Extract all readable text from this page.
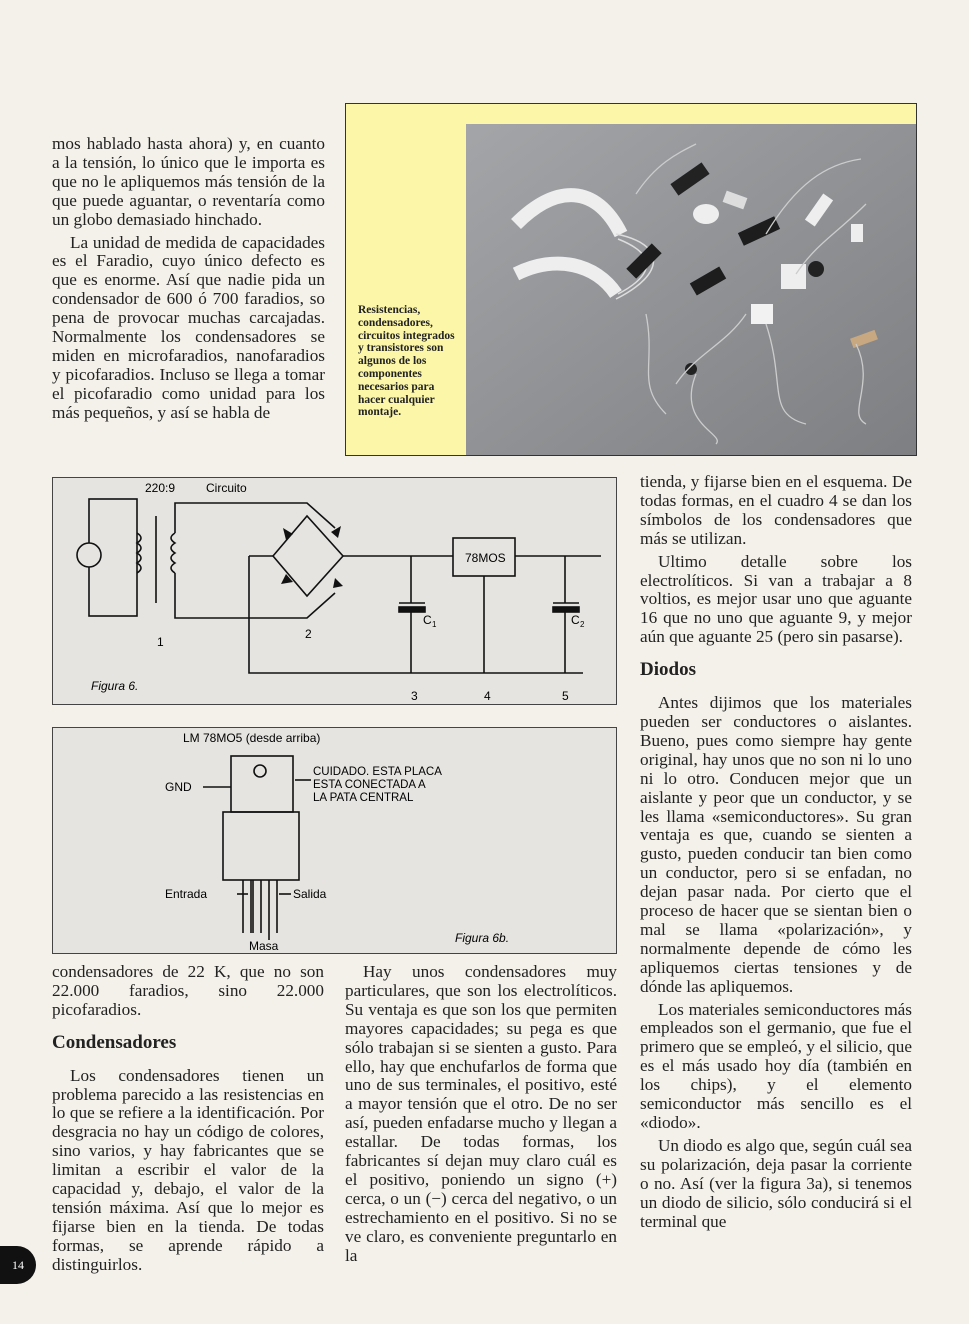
mos hablado hasta ahora) y, en cuanto a la tensión, lo único que le importa es que no le apliquemos más tensión de la que puede aguantar, o reventaría como un globo demasiado hinchado.

La unidad de medida de capacidades es el Faradio, cuyo único defecto es que es enorme. Así que nadie pida un condensador de 600 ó 700 faradios, so pena de provocar muchas carcajadas. Normalmente los condensadores se miden en microfaradios, nanofaradios y picofaradios. Incluso se llega a tomar el picofaradio como unidad para los más pequeños, y así se habla de

Resistencias, condensadores, circuitos integrados y transistores son algunos de los componentes necesarios para hacer cualquier montaje.
220:9	Circuito
78MOS
C 1	C 2
1
2
3	4	5
Figura 6.
LM 78MO5 (desde arriba)
GND
CUIDADO. ESTA PLACA
ESTA CONECTADA A
LA PATA CENTRAL
Entrada	Salida
Masa
Figura 6b.

tienda, y fijarse bien en el esquema. De todas formas, en el cuadro 4 se dan los símbolos de los condensadores que más se utilizan.

Ultimo detalle sobre los electrolíticos. Si van a trabajar a 8 voltios, es mejor usar uno que aguante 16 que no uno que aguante 9, y mejor aún que aguante 25 (pero sin pasarse).

Diodos

Antes dijimos que los materiales pueden ser conductores o aislantes. Bueno, pues como siempre hay gente original, hay unos que no son ni lo uno ni lo otro. Conducen mejor que un aislante y peor que un conductor, y se les llama «semiconductores». Su gran ventaja es que, cuando se sienten a gusto, pueden conducir tan bien como un conductor, pero si se enfadan, no dejan pasar nada. Por cierto que el proceso de hacer que se sientan bien o mal se llama «polarización», y normalmente depende de cómo les apliquemos ciertas tensiones y de dónde las apliquemos.

Los materiales semiconductores más empleados son el germanio, que fue el primero que se empleó, y el silicio, que es el más usado hoy día (también en los chips), y el elemento semiconductor más sencillo es el «diodo».

Un diodo es algo que, según cuál sea su polarización, deja pasar la corriente o no. Así (ver la figura 3a), si tenemos un diodo de silicio, sólo conducirá si el terminal que

condensadores de 22 K, que no son 22.000 faradios, sino 22.000 picofaradios.

Condensadores

Los condensadores tienen un problema parecido a las resistencias en lo que se refiere a la identificación. Por desgracia no hay un código de colores, sino varios, y hay fabricantes que se limitan a escribir el valor de la capacidad y, debajo, el valor de la tensión máxima. Así que lo mejor es fijarse bien en la tienda. De todas formas, se aprende rápido a distinguirlos.

Hay unos condensadores muy particulares, que son los electrolíticos. Su ventaja es que son los que permiten mayores capacidades; su pega es que sólo trabajan si se sienten a gusto. Para ello, hay que enchufarlos de forma que uno de sus terminales, el positivo, esté a mayor tensión que el otro. De no ser así, pueden enfadarse mucho y llegan a estallar. De todas formas, los fabricantes sí dejan muy claro cuál es el positivo, poniendo un signo (+) cerca, o un (−) cerca del negativo, o un estrechamiento en el positivo. Si no se ve claro, es conveniente preguntarlo en la

14
